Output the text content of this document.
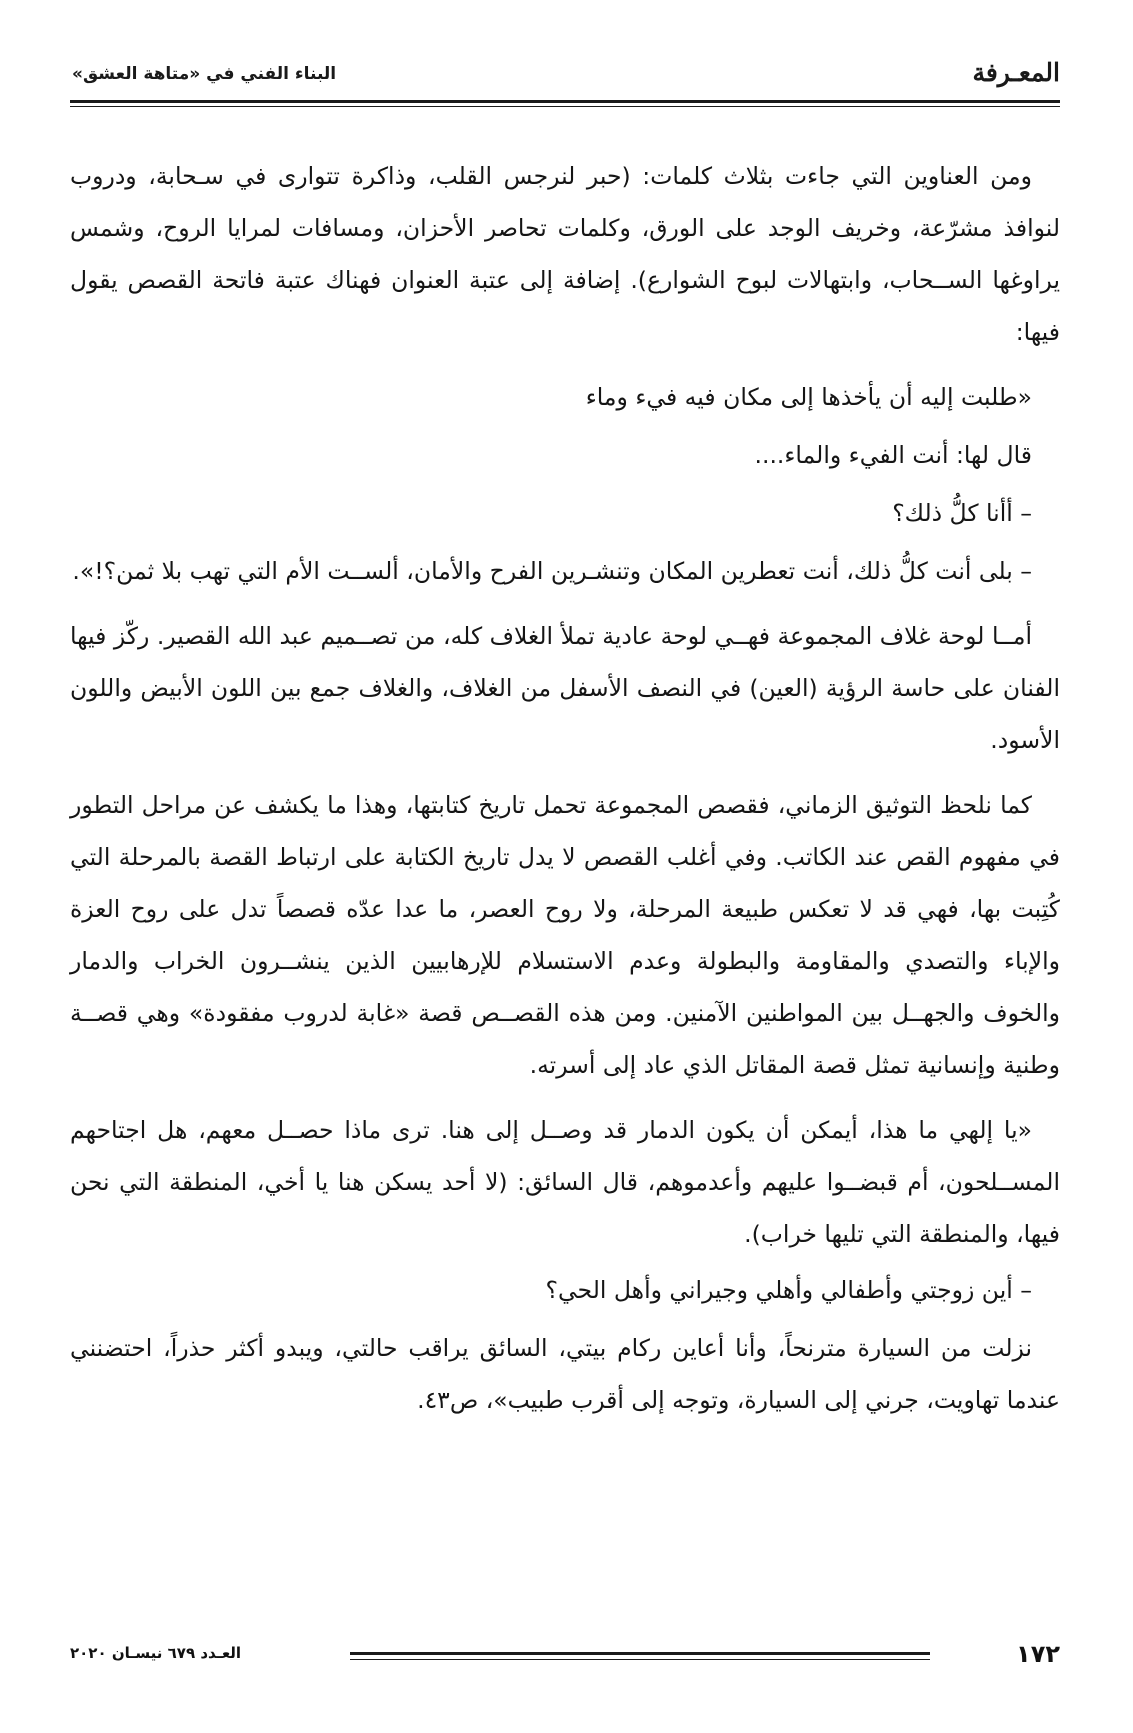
المعـرفة
البناء الفني في «متاهة العشق»

ومن العناوين التي جاءت بثلاث كلمات: (حبر لنرجس القلب، وذاكرة تتوارى في سـحابة، ودروب لنوافذ مشرّعة، وخريف الوجد على الورق، وكلمات تحاصر الأحزان، ومسافات لمرايا الروح، وشمس يراوغها الســحاب، وابتهالات لبوح الشوارع). إضافة إلى عتبة العنوان فهناك عتبة فاتحة القصص يقول فيها:

«طلبت إليه أن يأخذها إلى مكان فيه فيء وماء

قال لها: أنت الفيء والماء....

– أأنا كلُّ ذلك؟

– بلى أنت كلُّ ذلك، أنت تعطرين المكان وتنشـرين الفرح والأمان، ألســت الأم التي تهب بلا ثمن؟!».

أمــا لوحة غلاف المجموعة فهــي لوحة عادية تملأ الغلاف كله، من تصــميم عبد الله القصير. ركّز فيها الفنان على حاسة الرؤية (العين) في النصف الأسفل من الغلاف، والغلاف جمع بين اللون الأبيض واللون الأسود.

كما نلحظ التوثيق الزماني، فقصص المجموعة تحمل تاريخ كتابتها، وهذا ما يكشف عن مراحل التطور في مفهوم القص عند الكاتب. وفي أغلب القصص لا يدل تاريخ الكتابة على ارتباط القصة بالمرحلة التي كُتِبت بها، فهي قد لا تعكس طبيعة المرحلة، ولا روح العصر، ما عدا عدّه قصصاً تدل على روح العزة والإباء والتصدي والمقاومة والبطولة وعدم الاستسلام للإرهابيين الذين ينشــرون الخراب والدمار والخوف والجهــل بين المواطنين الآمنين. ومن هذه القصــص قصة «غابة لدروب مفقودة» وهي قصــة وطنية وإنسانية تمثل قصة المقاتل الذي عاد إلى أسرته.

«يا إلهي ما هذا، أيمكن أن يكون الدمار قد وصــل إلى هنا. ترى ماذا حصــل معهم، هل اجتاحهم المســلحون، أم قبضــوا عليهم وأعدموهم، قال السائق: (لا أحد يسكن هنا يا أخي، المنطقة التي نحن فيها، والمنطقة التي تليها خراب).

– أين زوجتي وأطفالي وأهلي وجيراني وأهل الحي؟

نزلت من السيارة مترنحاً، وأنا أعاين ركام بيتي، السائق يراقب حالتي، ويبدو أكثر حذراً، احتضنني عندما تهاويت، جرني إلى السيارة، وتوجه إلى أقرب طبيب»، ص٤٣.

١٧٢
العـدد ٦٧٩ نيسـان ٢٠٢٠
